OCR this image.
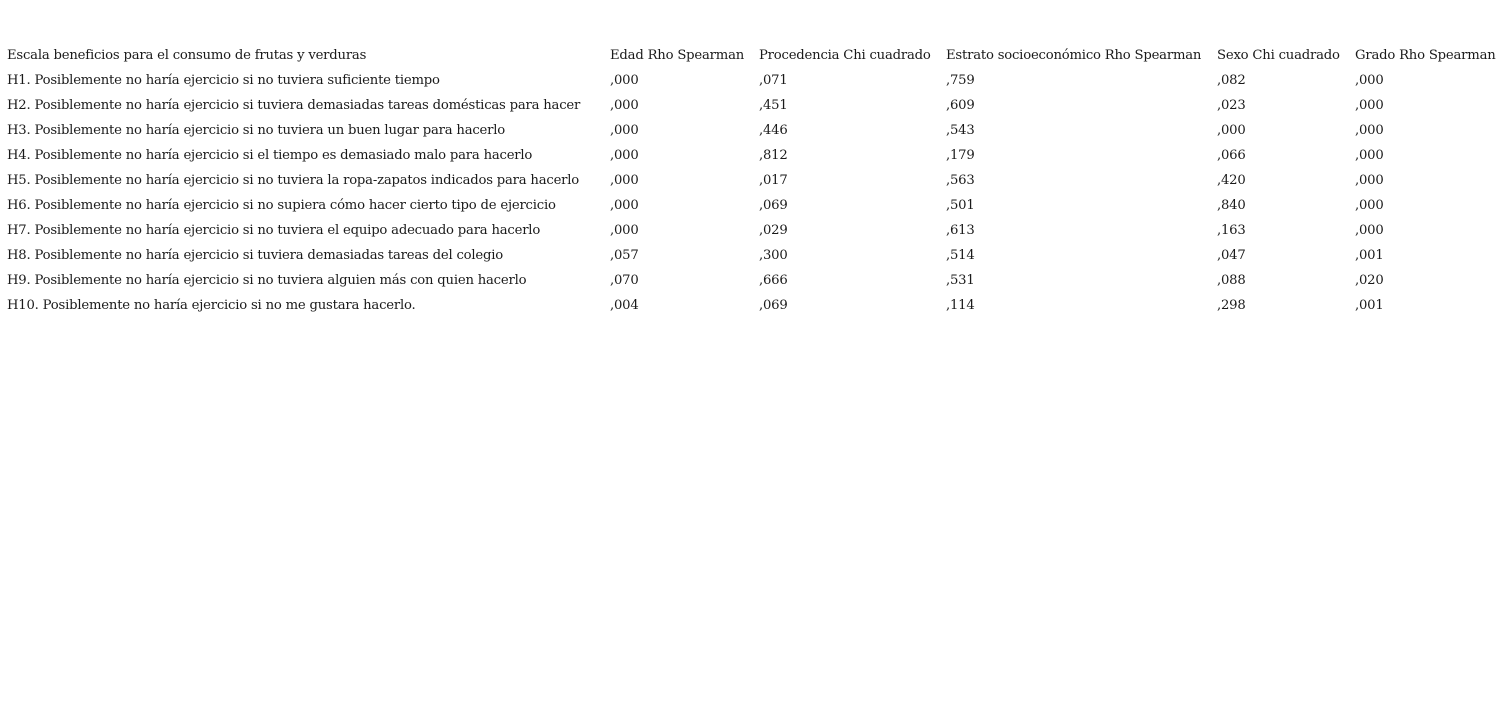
Escala beneficios para el consumo de frutas y verduras	Edad Rho Spearman	Procedencia Chi cuadrado	Estrato socioeconómico Rho Spearman	Sexo Chi cuadrado	Grado Rho Spearman
H1. Posiblemente no haría ejercicio si no tuviera suficiente tiempo	,000	,071	,759	,082	,000
H2. Posiblemente no haría ejercicio si tuviera demasiadas tareas domésticas para hacer	,000	,451	,609	,023	,000
H3. Posiblemente no haría ejercicio si no tuviera un buen lugar para hacerlo	,000	,446	,543	,000	,000
H4. Posiblemente no haría ejercicio si el tiempo es demasiado malo para hacerlo	,000	,812	,179	,066	,000
H5. Posiblemente no haría ejercicio si no tuviera la ropa-zapatos indicados para hacerlo	,000	,017	,563	,420	,000
H6. Posiblemente no haría ejercicio si no supiera cómo hacer cierto tipo de ejercicio	,000	,069	,501	,840	,000
H7. Posiblemente no haría ejercicio si no tuviera el equipo adecuado para hacerlo	,000	,029	,613	,163	,000
H8. Posiblemente no haría ejercicio si tuviera demasiadas tareas del colegio	,057	,300	,514	,047	,001
H9. Posiblemente no haría ejercicio si no tuviera alguien más con quien hacerlo	,070	,666	,531	,088	,020
H10. Posiblemente no haría ejercicio si no me gustara hacerlo.	,004	,069	,114	,298	,001
